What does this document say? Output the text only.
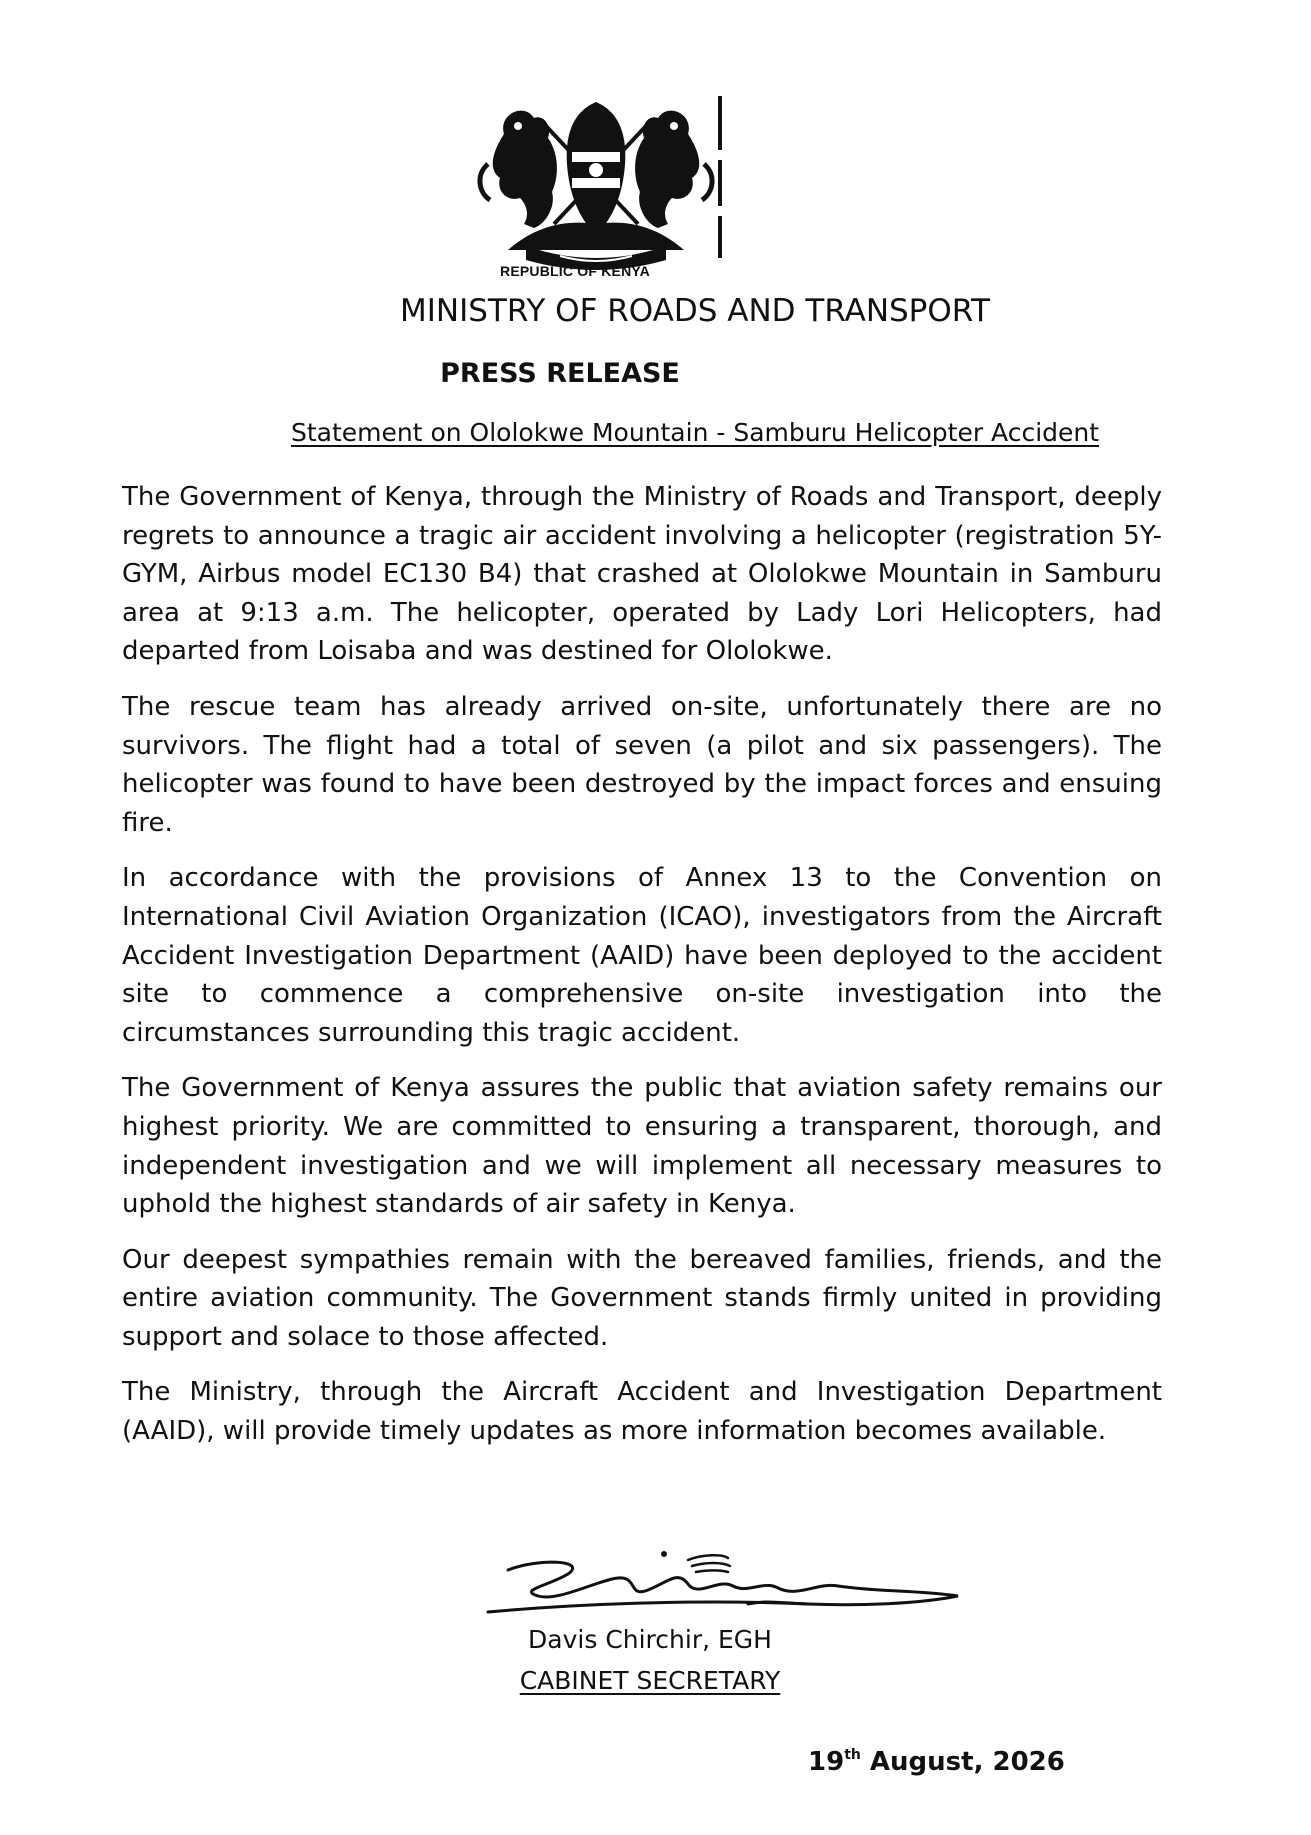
REPUBLIC OF KENYA
MINISTRY OF ROADS AND TRANSPORT
PRESS RELEASE
Statement on Ololokwe Mountain - Samburu Helicopter Accident

The Government of Kenya, through the Ministry of Roads and Transport, deeply regrets to announce a tragic air accident involving a helicopter (registration 5Y-GYM, Airbus model EC130 B4) that crashed at Ololokwe Mountain in Samburu area at 9:13 a.m. The helicopter, operated by Lady Lori Helicopters, had departed from Loisaba and was destined for Ololokwe.

The rescue team has already arrived on-site, unfortunately there are no survivors. The flight had a total of seven (a pilot and six passengers). The helicopter was found to have been destroyed by the impact forces and ensuing fire.

In accordance with the provisions of Annex 13 to the Convention on International Civil Aviation Organization (ICAO), investigators from the Aircraft Accident Investigation Department (AAID) have been deployed to the accident site to commence a comprehensive on-site investigation into the circumstances surrounding this tragic accident.

The Government of Kenya assures the public that aviation safety remains our highest priority. We are committed to ensuring a transparent, thorough, and independent investigation and we will implement all necessary measures to uphold the highest standards of air safety in Kenya.

Our deepest sympathies remain with the bereaved families, friends, and the entire aviation community. The Government stands firmly united in providing support and solace to those affected.

The Ministry, through the Aircraft Accident and Investigation Department (AAID), will provide timely updates as more information becomes available.

Davis Chirchir, EGH
CABINET SECRETARY
19th August, 2026
